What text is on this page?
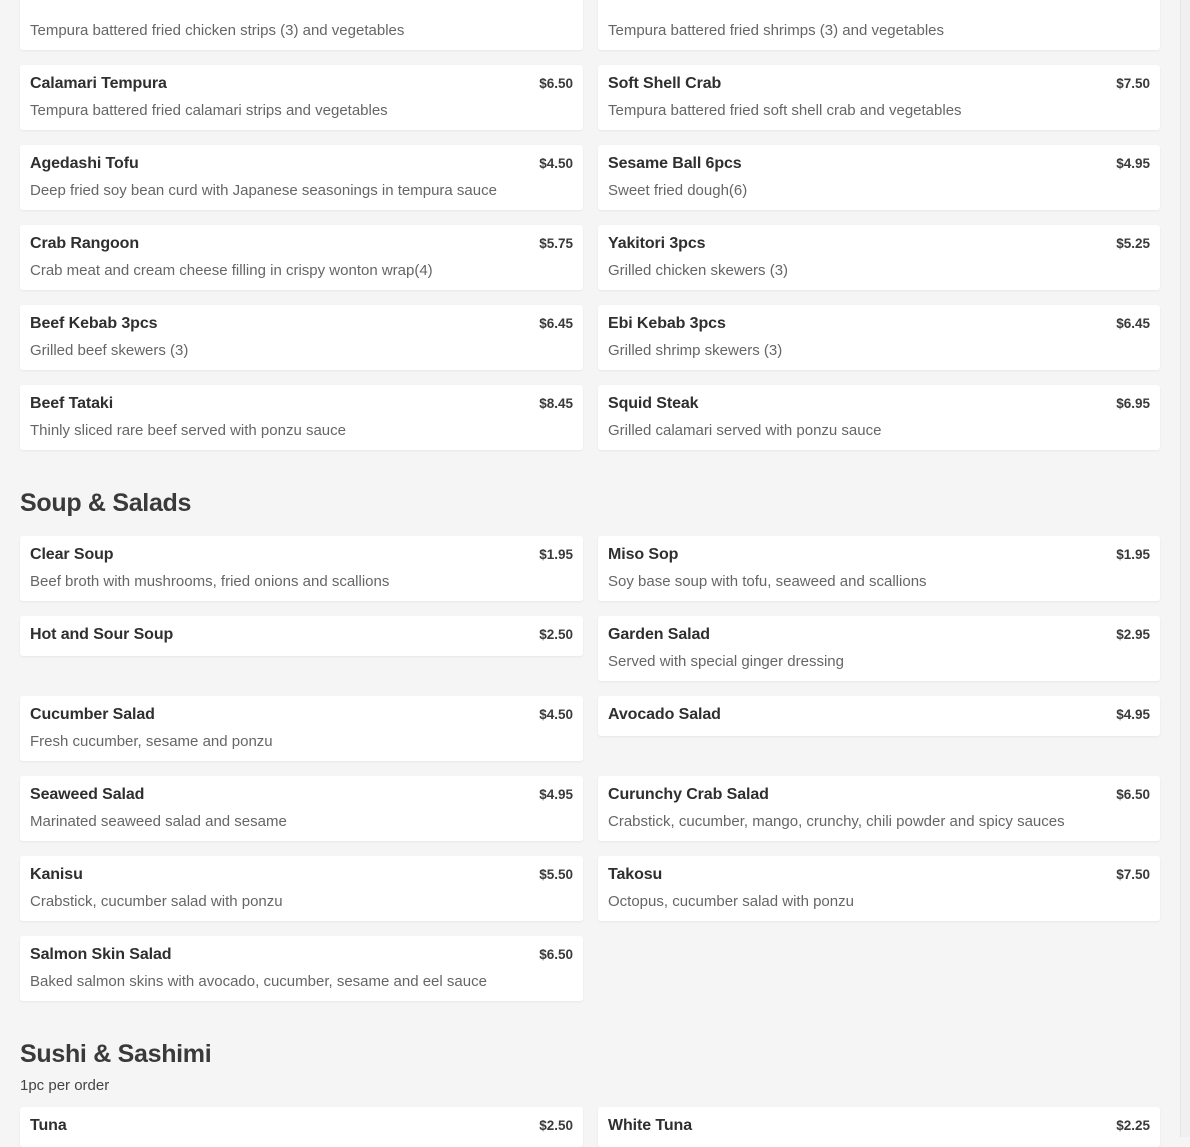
Tempura battered fried chicken strips (3) and vegetables	Tempura battered fried shrimps (3) and vegetables
Calamari Tempura	$6.50
Tempura battered fried calamari strips and vegetables
Soft Shell Crab	$7.50
Tempura battered fried soft shell crab and vegetables
Agedashi Tofu	$4.50
Deep fried soy bean curd with Japanese seasonings in tempura sauce
Sesame Ball 6pcs	$4.95
Sweet fried dough(6)
Crab Rangoon	$5.75
Crab meat and cream cheese filling in crispy wonton wrap(4)
Yakitori 3pcs	$5.25
Grilled chicken skewers (3)
Beef Kebab 3pcs	$6.45
Grilled beef skewers (3)
Ebi Kebab 3pcs	$6.45
Grilled shrimp skewers (3)
Beef Tataki	$8.45
Thinly sliced rare beef served with ponzu sauce
Squid Steak	$6.95
Grilled calamari served with ponzu sauce
Soup & Salads
Clear Soup	$1.95
Beef broth with mushrooms, fried onions and scallions
Miso Sop	$1.95
Soy base soup with tofu, seaweed and scallions
Hot and Sour Soup	$2.50 Garden Salad	$2.95
Served with special ginger dressing
Cucumber Salad	$4.50
Fresh cucumber, sesame and ponzu
Avocado Salad	$4.95
Seaweed Salad	$4.95
Marinated seaweed salad and sesame
Curunchy Crab Salad	$6.50
Crabstick, cucumber, mango, crunchy, chili powder and spicy sauces
Kanisu	$5.50
Crabstick, cucumber salad with ponzu
Takosu	$7.50
Octopus, cucumber salad with ponzu
Salmon Skin Salad	$6.50
Baked salmon skins with avocado, cucumber, sesame and eel sauce
Sushi & Sashimi
1pc per order
Tuna	$2.50 White Tuna	$2.25
